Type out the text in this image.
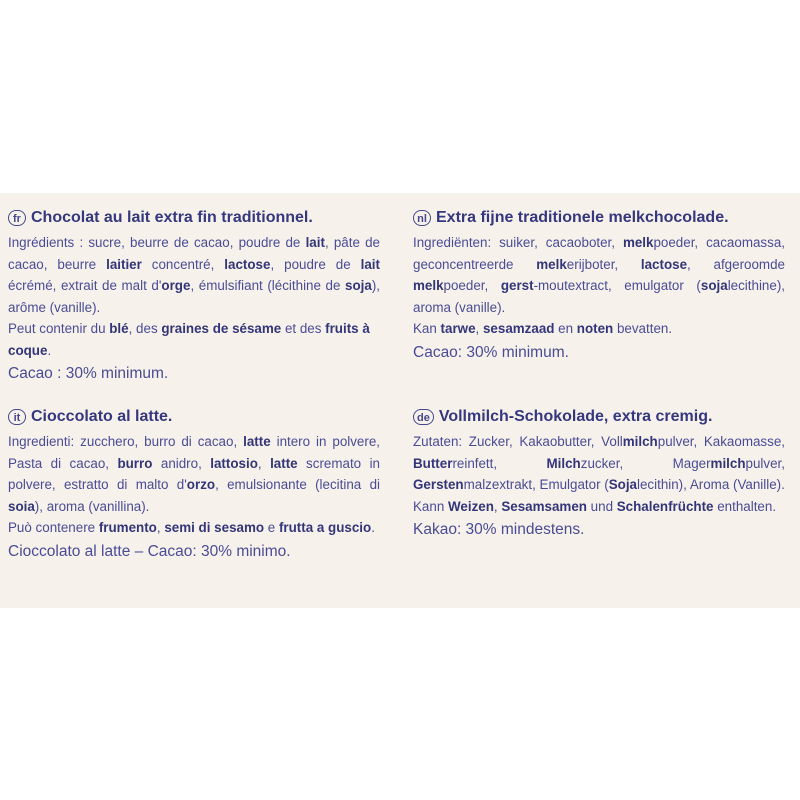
fr Chocolat au lait extra fin traditionnel.
Ingrédients : sucre, beurre de cacao, poudre de lait, pâte de cacao, beurre laitier concentré, lactose, poudre de lait écrémé, extrait de malt d'orge, émulsifiant (lécithine de soja), arôme (vanille).
Peut contenir du blé, des graines de sésame et des fruits à coque.
Cacao : 30% minimum.
nl Extra fijne traditionele melkchocolade.
Ingrediënten: suiker, cacaoboter, melkpoeder, cacaomassa, geconcentreerde melkerijboter, lactose, afgeroomde melkpoeder, gerst-moutextract, emulgator (sojalecithine), aroma (vanille).
Kan tarwe, sesamzaad en noten bevatten.
Cacao: 30% minimum.
it Cioccolato al latte.
Ingredienti: zucchero, burro di cacao, latte intero in polvere, Pasta di cacao, burro anidro, lattosio, latte scremato in polvere, estratto di malto d'orzo, emulsionante (lecitina di soia), aroma (vanillina).
Può contenere frumento, semi di sesamo e frutta a guscio.
Cioccolato al latte – Cacao: 30% minimo.
de Vollmilch-Schokolade, extra cremig.
Zutaten: Zucker, Kakaobutter, Vollmilchpulver, Kakaomasse, Butterreinfett, Milchzucker, Magermilchpulver, Gerstenmalzextrakt, Emulgator (Sojalecithin), Aroma (Vanille).
Kann Weizen, Sesamsamen und Schalenfrüchte enthalten.
Kakao: 30% mindestens.
